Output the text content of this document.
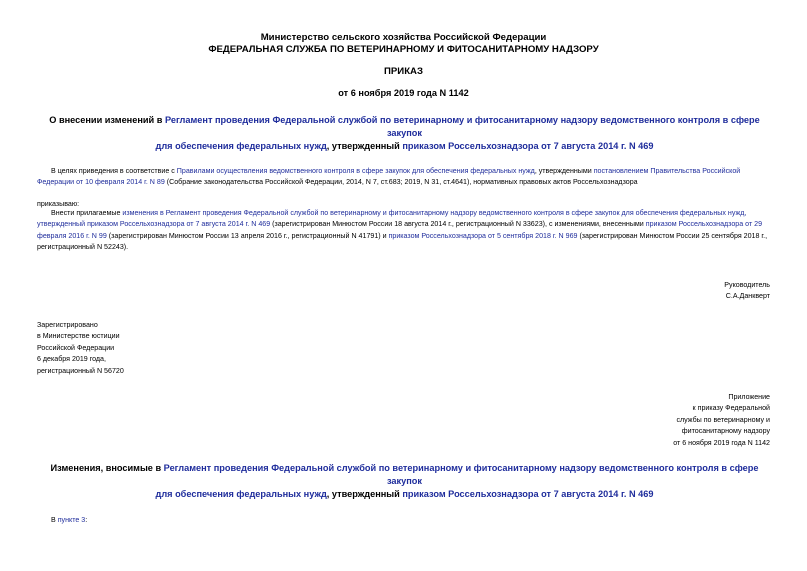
Министерство сельского хозяйства Российской Федерации
ФЕДЕРАЛЬНАЯ СЛУЖБА ПО ВЕТЕРИНАРНОМУ И ФИТОСАНИТАРНОМУ НАДЗОРУ
ПРИКАЗ
от 6 ноября 2019 года N 1142
О внесении изменений в Регламент проведения Федеральной службой по ветеринарному и фитосанитарному надзору ведомственного контроля в сфере закупок
для обеспечения федеральных нужд, утвержденный приказом Россельхознадзора от 7 августа 2014 г. N 469
В целях приведения в соответствие с Правилами осуществления ведомственного контроля в сфере закупок для обеспечения федеральных нужд, утвержденными постановлением Правительства Российской Федерации от 10 февраля 2014 г. N 89 (Собрание законодательства Российской Федерации, 2014, N 7, ст.683; 2019, N 31, ст.4641), нормативных правовых актов Россельхознадзора
приказываю:
Внести прилагаемые изменения в Регламент проведения Федеральной службой по ветеринарному и фитосанитарному надзору ведомственного контроля в сфере закупок для обеспечения федеральных нужд, утвержденный приказом Россельхознадзора от 7 августа 2014 г. N 469 (зарегистрирован Минюстом России 18 августа 2014 г., регистрационный N 33623), с изменениями, внесенными приказом Россельхознадзора от 29 февраля 2016 г. N 99 (зарегистрирован Минюстом России 13 апреля 2016 г., регистрационный N 41791) и приказом Россельхознадзора от 5 сентября 2018 г. N 969 (зарегистрирован Минюстом России 25 сентября 2018 г., регистрационный N 52243).
Руководитель
С.А.Данкверт
Зарегистрировано
в Министерстве юстиции
Российской Федерации
6 декабря 2019 года,
регистрационный N 56720
Приложение
к приказу Федеральной
службы по ветеринарному и
фитосанитарному надзору
от 6 ноября 2019 года N 1142
Изменения, вносимые в Регламент проведения Федеральной службой по ветеринарному и фитосанитарному надзору ведомственного контроля в сфере закупок
для обеспечения федеральных нужд, утвержденный приказом Россельхознадзора от 7 августа 2014 г. N 469
В пункте 3:
